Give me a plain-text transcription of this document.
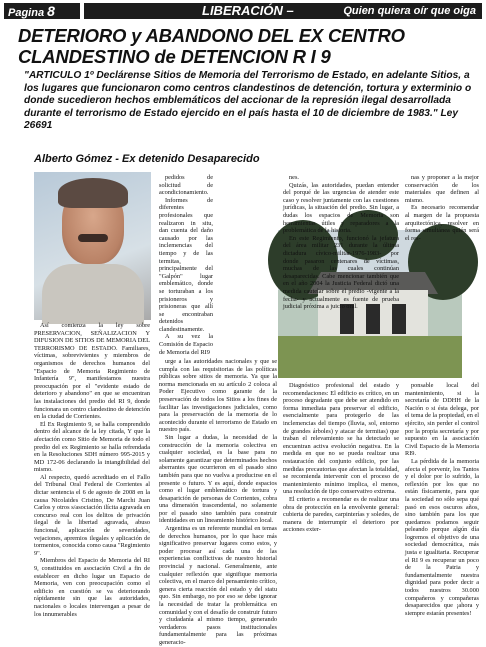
Pagina 8	LIBERACIÓN –	Quien quiera oír que oiga
DETERIORO y ABANDONO DEL EX CENTRO
CLANDESTINO de DETENCION R I 9
"ARTICULO 1º Declárense Sitios de Memoria del Terrorismo de Estado, en adelante Sitios, a los lugares que funcionaron como centros clandestinos de detención, tortura y exterminio o donde sucedieron hechos emblemáticos del accionar de la represión ilegal desarrollada durante el terrorismo de Estado ejercido en el país hasta el 10 de diciembre de 1983." Ley 26691
Alberto Gómez - Ex detenido Desaparecido

Así comienza la ley sobre PRESERVACION, SEÑALIZACION Y DIFUSION DE SITIOS DE MEMORIA DEL TERRORISMO DE ESTADO. Familiares, víctimas, sobrevivientes y miembros de organismos de derechos humanos del "Espacio de Memoria Regimiento de Infantería 9", manifestamos nuestra preocupación por el "evidente estado de deterioro y abandono" en que se encuentran las instalaciones del predio del RI 9, donde funcionara un centro clandestino de detención en la ciudad de Corrientes.

El Ex Regimiento 9, se halla comprendido dentro del alcance de la ley citada, Y que la afectación como Sitio de Memoria de todo el predio del ex Regimiento se halla refrendada en la Resoluciones SDH número 995-2015 y MD 172-06 declarando la intangibilidad del mismo.

Al respecto, quedó acreditado en el Fallo del Tribunal Oral Federal de Corrientes al dictar sentencia el 6 de agosto de 2008 en la causa Nicolaides Cristino, De Marchi Juan Carlos y otros s/asociación ilícita agravada en concurso real con los delitos de privación ilegal de la libertad agravada, abuso funcional, aplicación de severidades, vejaciones, apremios ilegales y aplicación de tormentos, conocida como causa "Regimiento 9".

Miembros del Espacio de Memoria del RI 9, constituidos en asociación Civil a fin de establecer en dicho lugar un Espacio de Memoria, ven con preocupación como el edificio en cuestión se va deteriorando rápidamente sin que las autoridades, nacionales o locales intervengan a pesar de los innumerables

pedidos de solicitud de acondicionamiento.

Informes de diferentes profesionales que realizaron in situ, dan cuenta del daño causado por las inclemencias del tiempo y de las termitas, principalmente del "Galpón" lugar emblemático, donde se torturaban a los prisioneros y prisioneras que allí se encontraban detenidos clandestinamente.

A su vez la Comisión de Espacio de Memoria del RI9

urge a las autoridades nacionales y que se cumpla con las requisitorias de las políticas públicas sobre sitios de memoria. Ya que la norma mencionada en su artículo 2 coloca al Poder Ejecutivo como garante de la preservación de todos los Sitios a los fines de facilitar las investigaciones judiciales, como para la preservación de la memoria de lo acontecido durante el terrorismo de Estado en nuestro país.

Sin lugar a dudas, la necesidad de la construcción de la memoria colectiva en cualquier sociedad, es la base para no solamente garantizar que determinados hechos aberrantes que ocurrieron en el pasado sino también para que no vuelva a producirse en el presente o futuro. Y es aquí, donde espacios como el lugar emblemático de tortura y desaparición de personas de Corrientes, cobra una dimensión trascendental, no solamente por el pasado sino también para construir identidades en un lineamiento histórico local.

Argentina es un referente mundial en temas de derechos humanos, por lo que hace más significativo preservar lugares como estos, y poder procesar así cada una de las experiencias conflictivas de nuestro historial provincial y nacional. Generalmente, ante cualquier reflexión que signifique memoria colectiva, en el marco del pensamiento crítico, genera cierta reacción del estado y del statu quo. Sin embargo, no por eso se debe ignorar la necesidad de tratar la problemática en comunidad y con el desafío de construir futuro y ciudadanía al mismo tiempo, generando verdaderos pasos institucionales fundamentalmente para las próximas generacio-

nes.

Quizás, las autoridades, puedan entender del porqué de las urgencias de atender este caso y resolver juntamente con las cuestiones jurídicas, la situación del predio. Sin lugar, a dudas los espacios de Memoria son herramientas útiles y reparadores a la problemática de la historia.

En este Regimiento, funcionó la jefatura del área militar 231 durante la última dictadura cívico-militar-1976-1983- por donde pasaron centenares de víctimas, muchas de las cuales continúan desaparecidas. Cabe mencionar también que en el año 2004 la Justicia Federal dictó una medida cautelar sobre el predio -vigente a la fecha- y actualmente es fuente de prueba judicial próxima a juicio oral.

Diagnóstico profesional del estado y recomendaciones: El edificio es crítico, en un proceso degradante que debe ser atendido en forma inmediata para preservar el edificio, esencialmente para protegerlo de las inclemencias del tiempo (lluvia, sol, entorno de grandes árboles) y atacar de termitas) que traban el relevamiento se ha detectado se encuentran activa evolución negativa. En la medida en que no se pueda realizar una restauración del conjunto edilicio, por las medidas precautorias que afectan la totalidad, se recomienda intervenir con el proceso de mantenimiento mínimo implica, el menos, una resolución de tipo conservativo extrema.

El criterio a recomendar es de realizar una obra de protección en la envolvente general: cubierta de paredes, carpinterías y soledes, de manera de interrumpir el deterioro por acciones exter-

nas y proponer a la mejor conservación de los materiales que definen al mismo.

Es necesario recomendar al margen de la propuesta arquitectónica, resolver en forma simultánea quién será el res-

ponsable local del mantenimiento, si la secretaría de DDHH de la Nación o si ésta delega, por el tema de la propiedad, en el ejército, sin perder el control por la propia secretaría y por supuesto en la asociación Civil Espacio de la Memoria RI9.

La pérdida de la memoria afecta el porvenir, los Tantos y el dolor por lo sufrido, la reflexión por los que no están físicamente, para que la sociedad no sólo sepa qué pasó en esos oscuros años, sino también para los que quedamos podamos seguir peleando porque algún día logremos el objetivo de una sociedad democrática, más justa e igualitaria. Recuperar el RI 9 es recuperar un poco de la Patria y fundamentalmente nuestra dignidad para poder decir a todos nuestros 30.000 compañeros y compañeras desaparecidos que ¡ahora y siempre estarán presentes!
